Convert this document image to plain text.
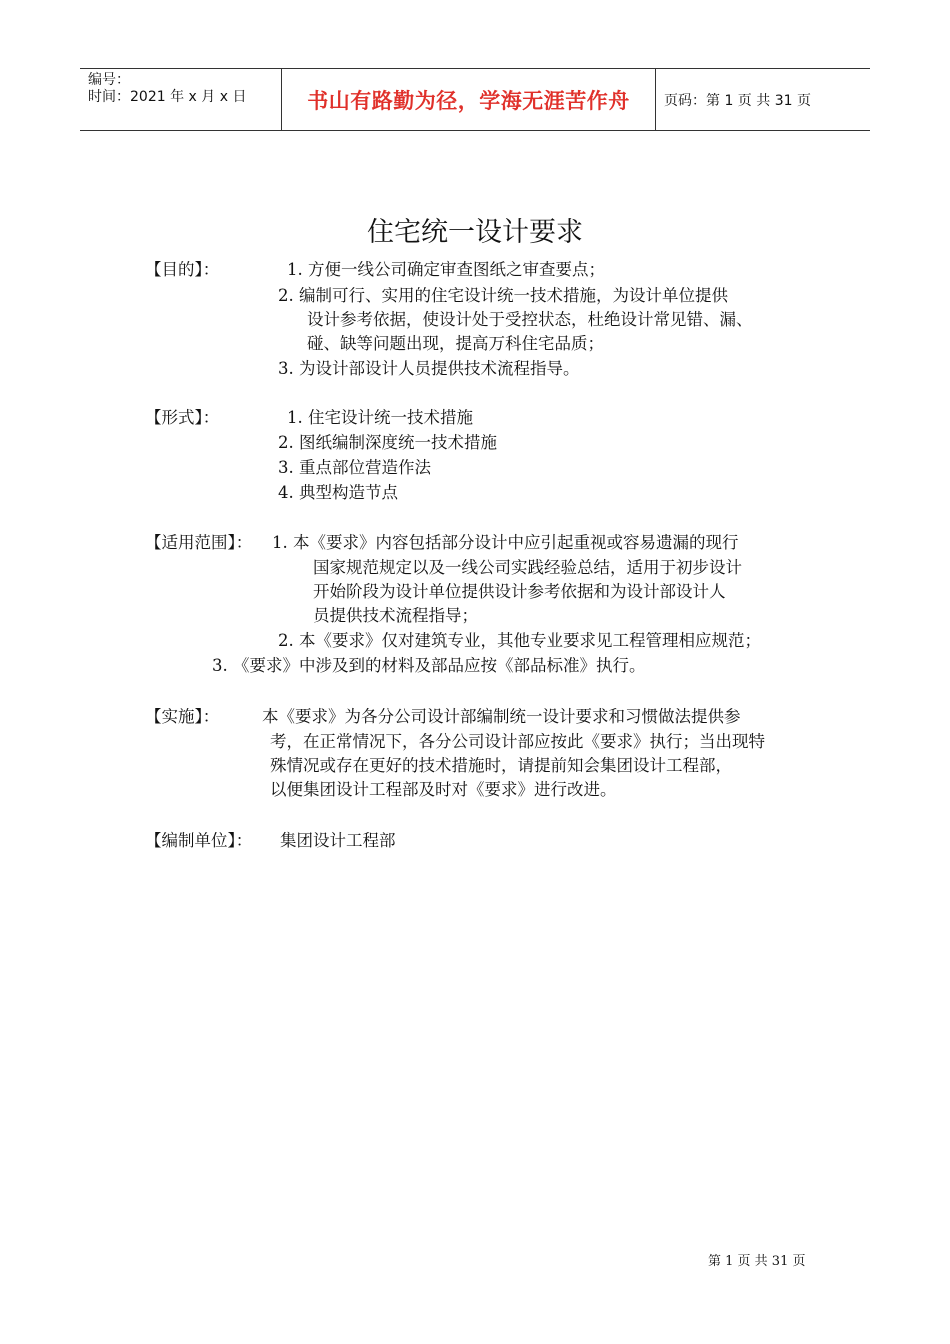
编号：
时间：2021 年 x 月 x 日	书山有路勤为径，学海无涯苦作舟	页码：第 1 页 共 31 页
住宅统一设计要求
【目的】：	1. 方便一线公司确定审查图纸之审查要点；
2. 编制可行、实用的住宅设计统一技术措施，为设计单位提供
设计参考依据，使设计处于受控状态，杜绝设计常见错、漏、
碰、缺等问题出现，提高万科住宅品质；
3. 为设计部设计人员提供技术流程指导。
【形式】：	1. 住宅设计统一技术措施
2. 图纸编制深度统一技术措施
3. 重点部位营造作法
4. 典型构造节点
【适用范围】： 1. 本《要求》内容包括部分设计中应引起重视或容易遗漏的现行
国家规范规定以及一线公司实践经验总结，适用于初步设计
开始阶段为设计单位提供设计参考依据和为设计部设计人
员提供技术流程指导；
2. 本《要求》仅对建筑专业，其他专业要求见工程管理相应规范；
3. 《要求》中涉及到的材料及部品应按《部品标准》执行。
【实施】：	本《要求》为各分公司设计部编制统一设计要求和习惯做法提供参
考，在正常情况下，各分公司设计部应按此《要求》执行；当出现特
殊情况或存在更好的技术措施时，请提前知会集团设计工程部，
以便集团设计工程部及时对《要求》进行改进。
【编制单位】： 集团设计工程部
第 1 页 共 31 页
